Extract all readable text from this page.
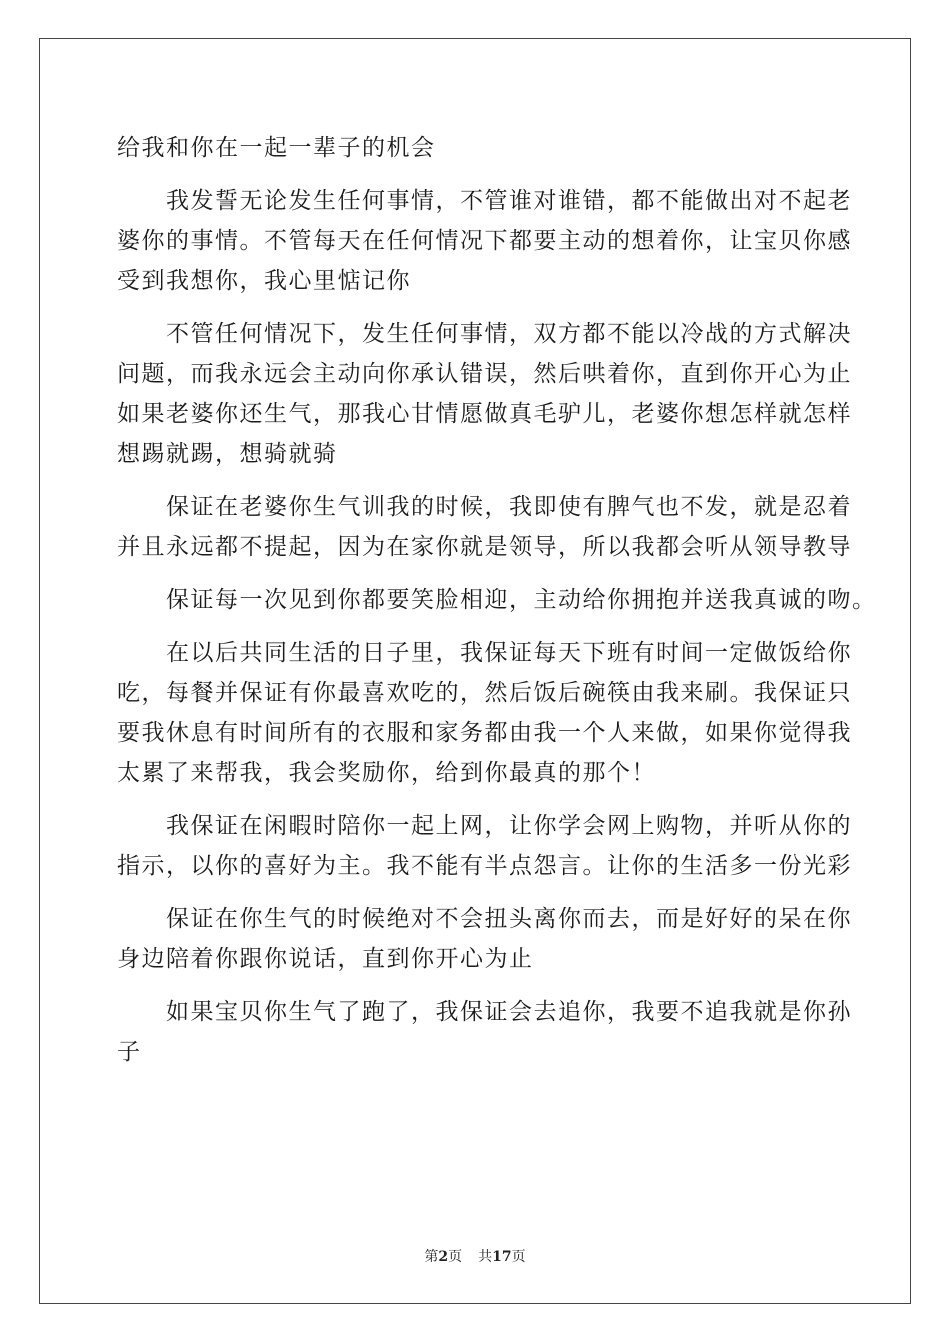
给我和你在一起一辈子的机会
我发誓无论发生任何事情，不管谁对谁错，都不能做出对不起老
婆你的事情。不管每天在任何情况下都要主动的想着你，让宝贝你感
受到我想你，我心里惦记你
不管任何情况下，发生任何事情，双方都不能以冷战的方式解决
问题，而我永远会主动向你承认错误，然后哄着你，直到你开心为止
如果老婆你还生气，那我心甘情愿做真毛驴儿，老婆你想怎样就怎样
想踢就踢，想骑就骑
保证在老婆你生气训我的时候，我即使有脾气也不发，就是忍着
并且永远都不提起，因为在家你就是领导，所以我都会听从领导教导
保证每一次见到你都要笑脸相迎，主动给你拥抱并送我真诚的吻。
在以后共同生活的日子里，我保证每天下班有时间一定做饭给你
吃，每餐并保证有你最喜欢吃的，然后饭后碗筷由我来刷。我保证只
要我休息有时间所有的衣服和家务都由我一个人来做，如果你觉得我
太累了来帮我，我会奖励你，给到你最真的那个！
我保证在闲暇时陪你一起上网，让你学会网上购物，并听从你的
指示，以你的喜好为主。我不能有半点怨言。让你的生活多一份光彩
保证在你生气的时候绝对不会扭头离你而去，而是好好的呆在你
身边陪着你跟你说话，直到你开心为止
如果宝贝你生气了跑了，我保证会去追你，我要不追我就是你孙
子
第2页 共17页
